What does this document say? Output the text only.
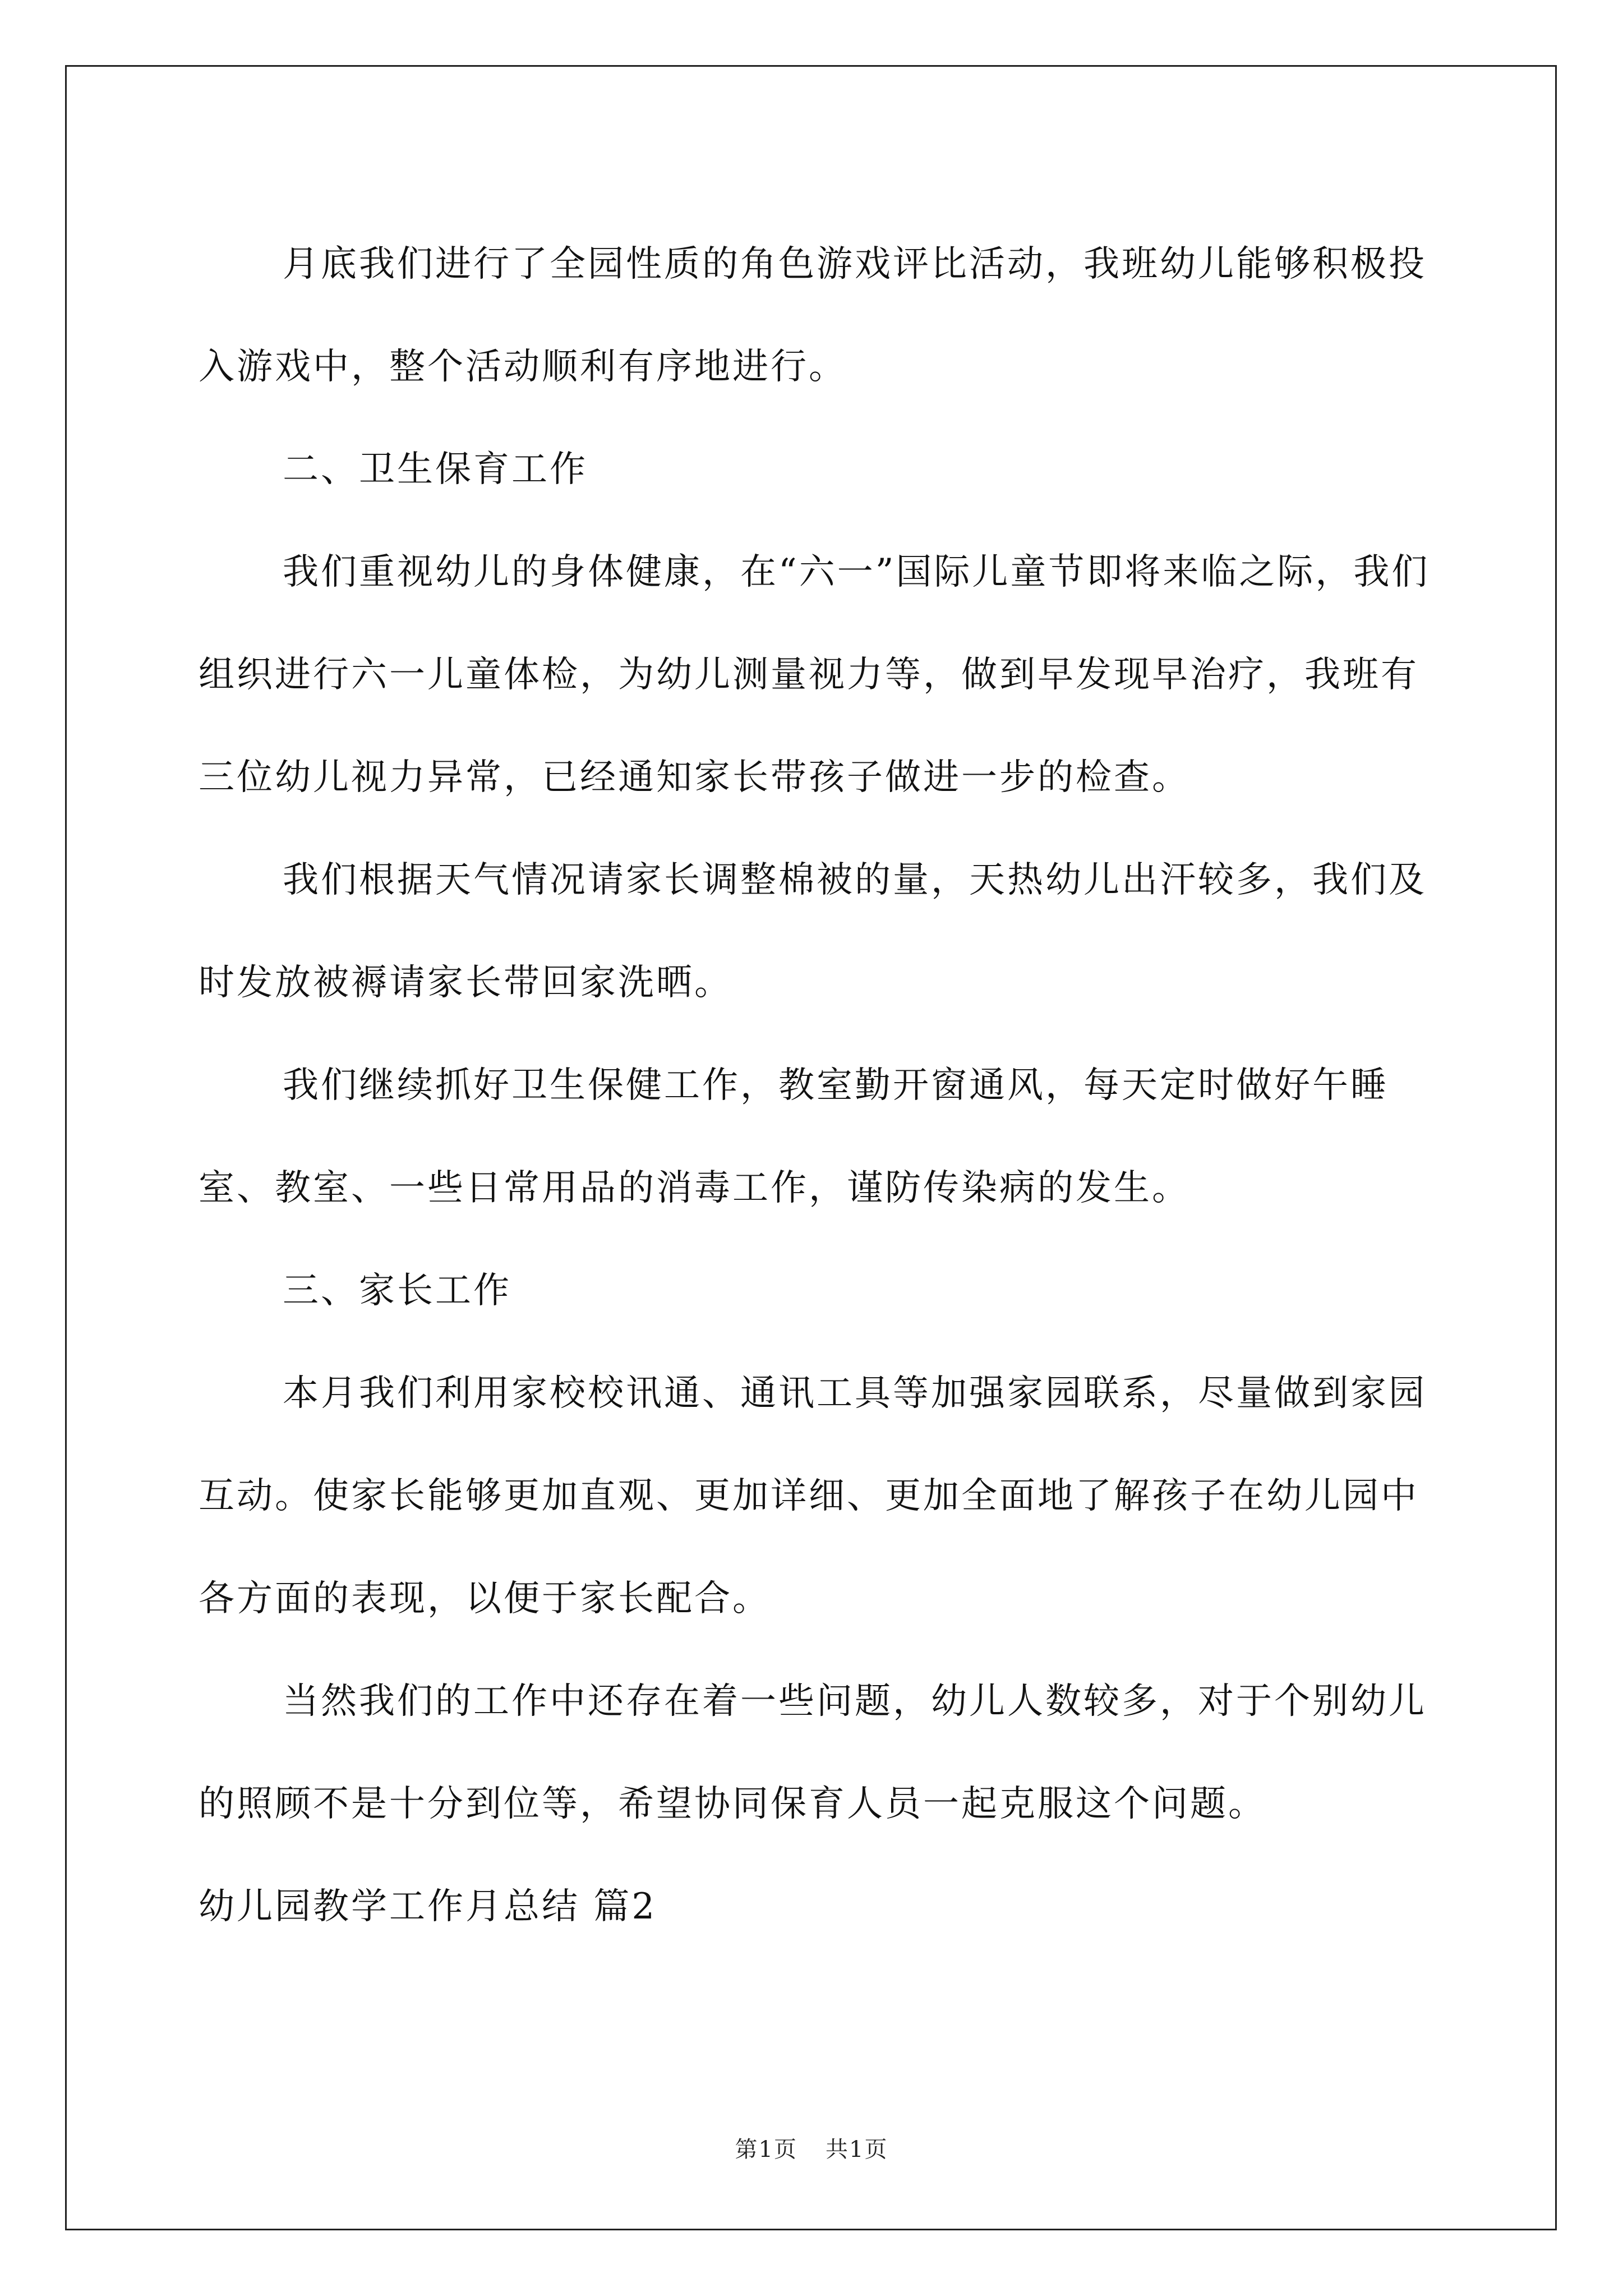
月底我们进行了全园性质的角色游戏评比活动，我班幼儿能够积极投入游戏中，整个活动顺利有序地进行。

二、卫生保育工作

我们重视幼儿的身体健康，在“六一”国际儿童节即将来临之际，我们组织进行六一儿童体检，为幼儿测量视力等，做到早发现早治疗，我班有三位幼儿视力异常，已经通知家长带孩子做进一步的检查。

我们根据天气情况请家长调整棉被的量，天热幼儿出汗较多，我们及时发放被褥请家长带回家洗晒。

我们继续抓好卫生保健工作，教室勤开窗通风，每天定时做好午睡室、教室、一些日常用品的消毒工作，谨防传染病的发生。

三、家长工作

本月我们利用家校校讯通、通讯工具等加强家园联系，尽量做到家园互动。使家长能够更加直观、更加详细、更加全面地了解孩子在幼儿园中各方面的表现，以便于家长配合。

当然我们的工作中还存在着一些问题，幼儿人数较多，对于个别幼儿的照顾不是十分到位等，希望协同保育人员一起克服这个问题。

幼儿园教学工作月总结 篇2

第1页 共1页
